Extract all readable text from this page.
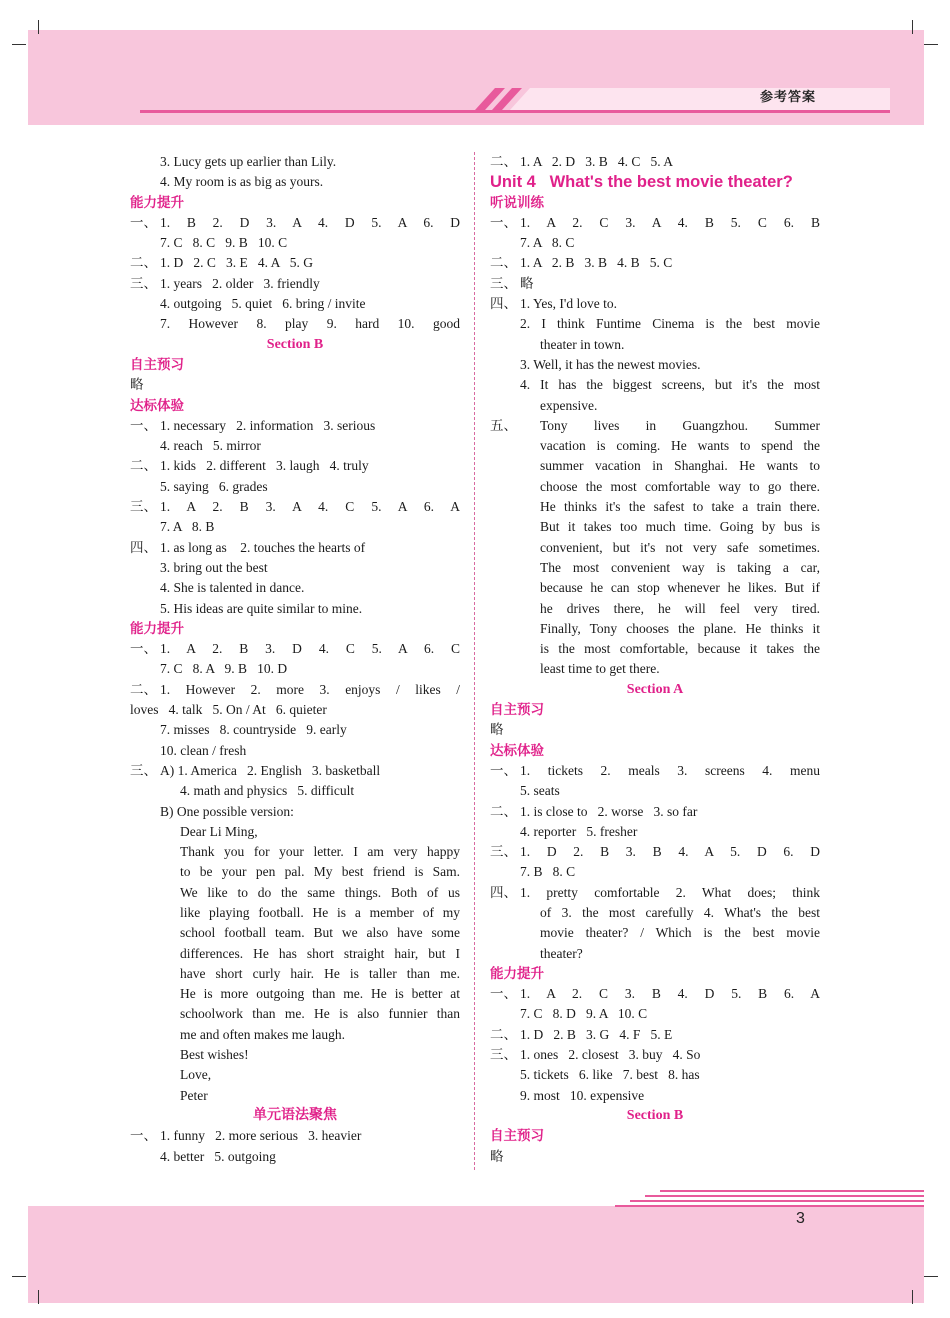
参考答案
3
3. Lucy gets up earlier than Lily.
4. My room is as big as yours.
能力提升
一、 1. B 2. D 3. A 4. D 5. A 6. D
7. C   8. C   9. B   10. C
二、 1. D   2. C   3. E   4. A   5. G
三、 1. years   2. older   3. friendly
4. outgoing   5. quiet   6. bring / invite
7. However 8. play 9. hard 10. good
Section B
自主预习
略
达标体验
一、 1. necessary   2. information   3. serious
4. reach   5. mirror
二、 1. kids   2. different   3. laugh   4. truly
5. saying   6. grades
三、 1. A 2. B 3. A 4. C 5. A 6. A
7. A   8. B
四、 1. as long as    2. touches the hearts of
3. bring out the best
4. She is talented in dance.
5. His ideas are quite similar to mine.
能力提升
一、 1. A 2. B 3. D 4. C 5. A 6. C
7. C   8. A   9. B   10. D
二、 1. However 2. more 3. enjoys / likes /
loves   4. talk   5. On / At   6. quieter
7. misses   8. countryside   9. early
10. clean / fresh
三、 A) 1. America   2. English   3. basketball
4. math and physics   5. difficult
B) One possible version:
Dear Li Ming,
Thank you for your letter. I am very happy
to be your pen pal. My best friend is Sam.
We like to do the same things. Both of us
like playing football. He is a member of my
school football team. But we also have some
differences. He has short straight hair, but I
have short curly hair. He is taller than me.
He is more outgoing than me. He is better at
schoolwork than me. He is also funnier than
me and often makes me laugh.
Best wishes!
Love,
Peter
单元语法聚焦
一、 1. funny   2. more serious   3. heavier
4. better   5. outgoing
二、 1. A   2. D   3. B   4. C   5. A
Unit 4   What's the best movie theater?
听说训练
一、 1. A 2. C 3. A 4. B 5. C 6. B
7. A   8. C
二、 1. A   2. B   3. B   4. B   5. C
三、 略
四、 1. Yes, I'd love to.
2. I think Funtime Cinema is the best movie
theater in town.
3. Well, it has the newest movies.
4. It has the biggest screens, but it's the most
expensive.
五、 Tony lives in Guangzhou. Summer
vacation is coming. He wants to spend the
summer vacation in Shanghai. He wants to
choose the most comfortable way to go there.
He thinks it's the safest to take a train there.
But it takes too much time. Going by bus is
convenient, but it's not very safe sometimes.
The most convenient way is taking a car,
because he can stop whenever he likes. But if
he drives there, he will feel very tired.
Finally, Tony chooses the plane. He thinks it
is the most comfortable, because it takes the
least time to get there.
Section A
自主预习
略
达标体验
一、 1. tickets 2. meals 3. screens 4. menu
5. seats
二、 1. is close to   2. worse   3. so far
4. reporter   5. fresher
三、 1. D 2. B 3. B 4. A 5. D 6. D
7. B   8. C
四、 1. pretty comfortable 2. What does; think
of 3. the most carefully 4. What's the best
movie theater? / Which is the best movie
theater?
能力提升
一、 1. A 2. C 3. B 4. D 5. B 6. A
7. C   8. D   9. A   10. C
二、 1. D   2. B   3. G   4. F   5. E
三、 1. ones   2. closest   3. buy   4. So
5. tickets   6. like   7. best   8. has
9. most   10. expensive
Section B
自主预习
略
